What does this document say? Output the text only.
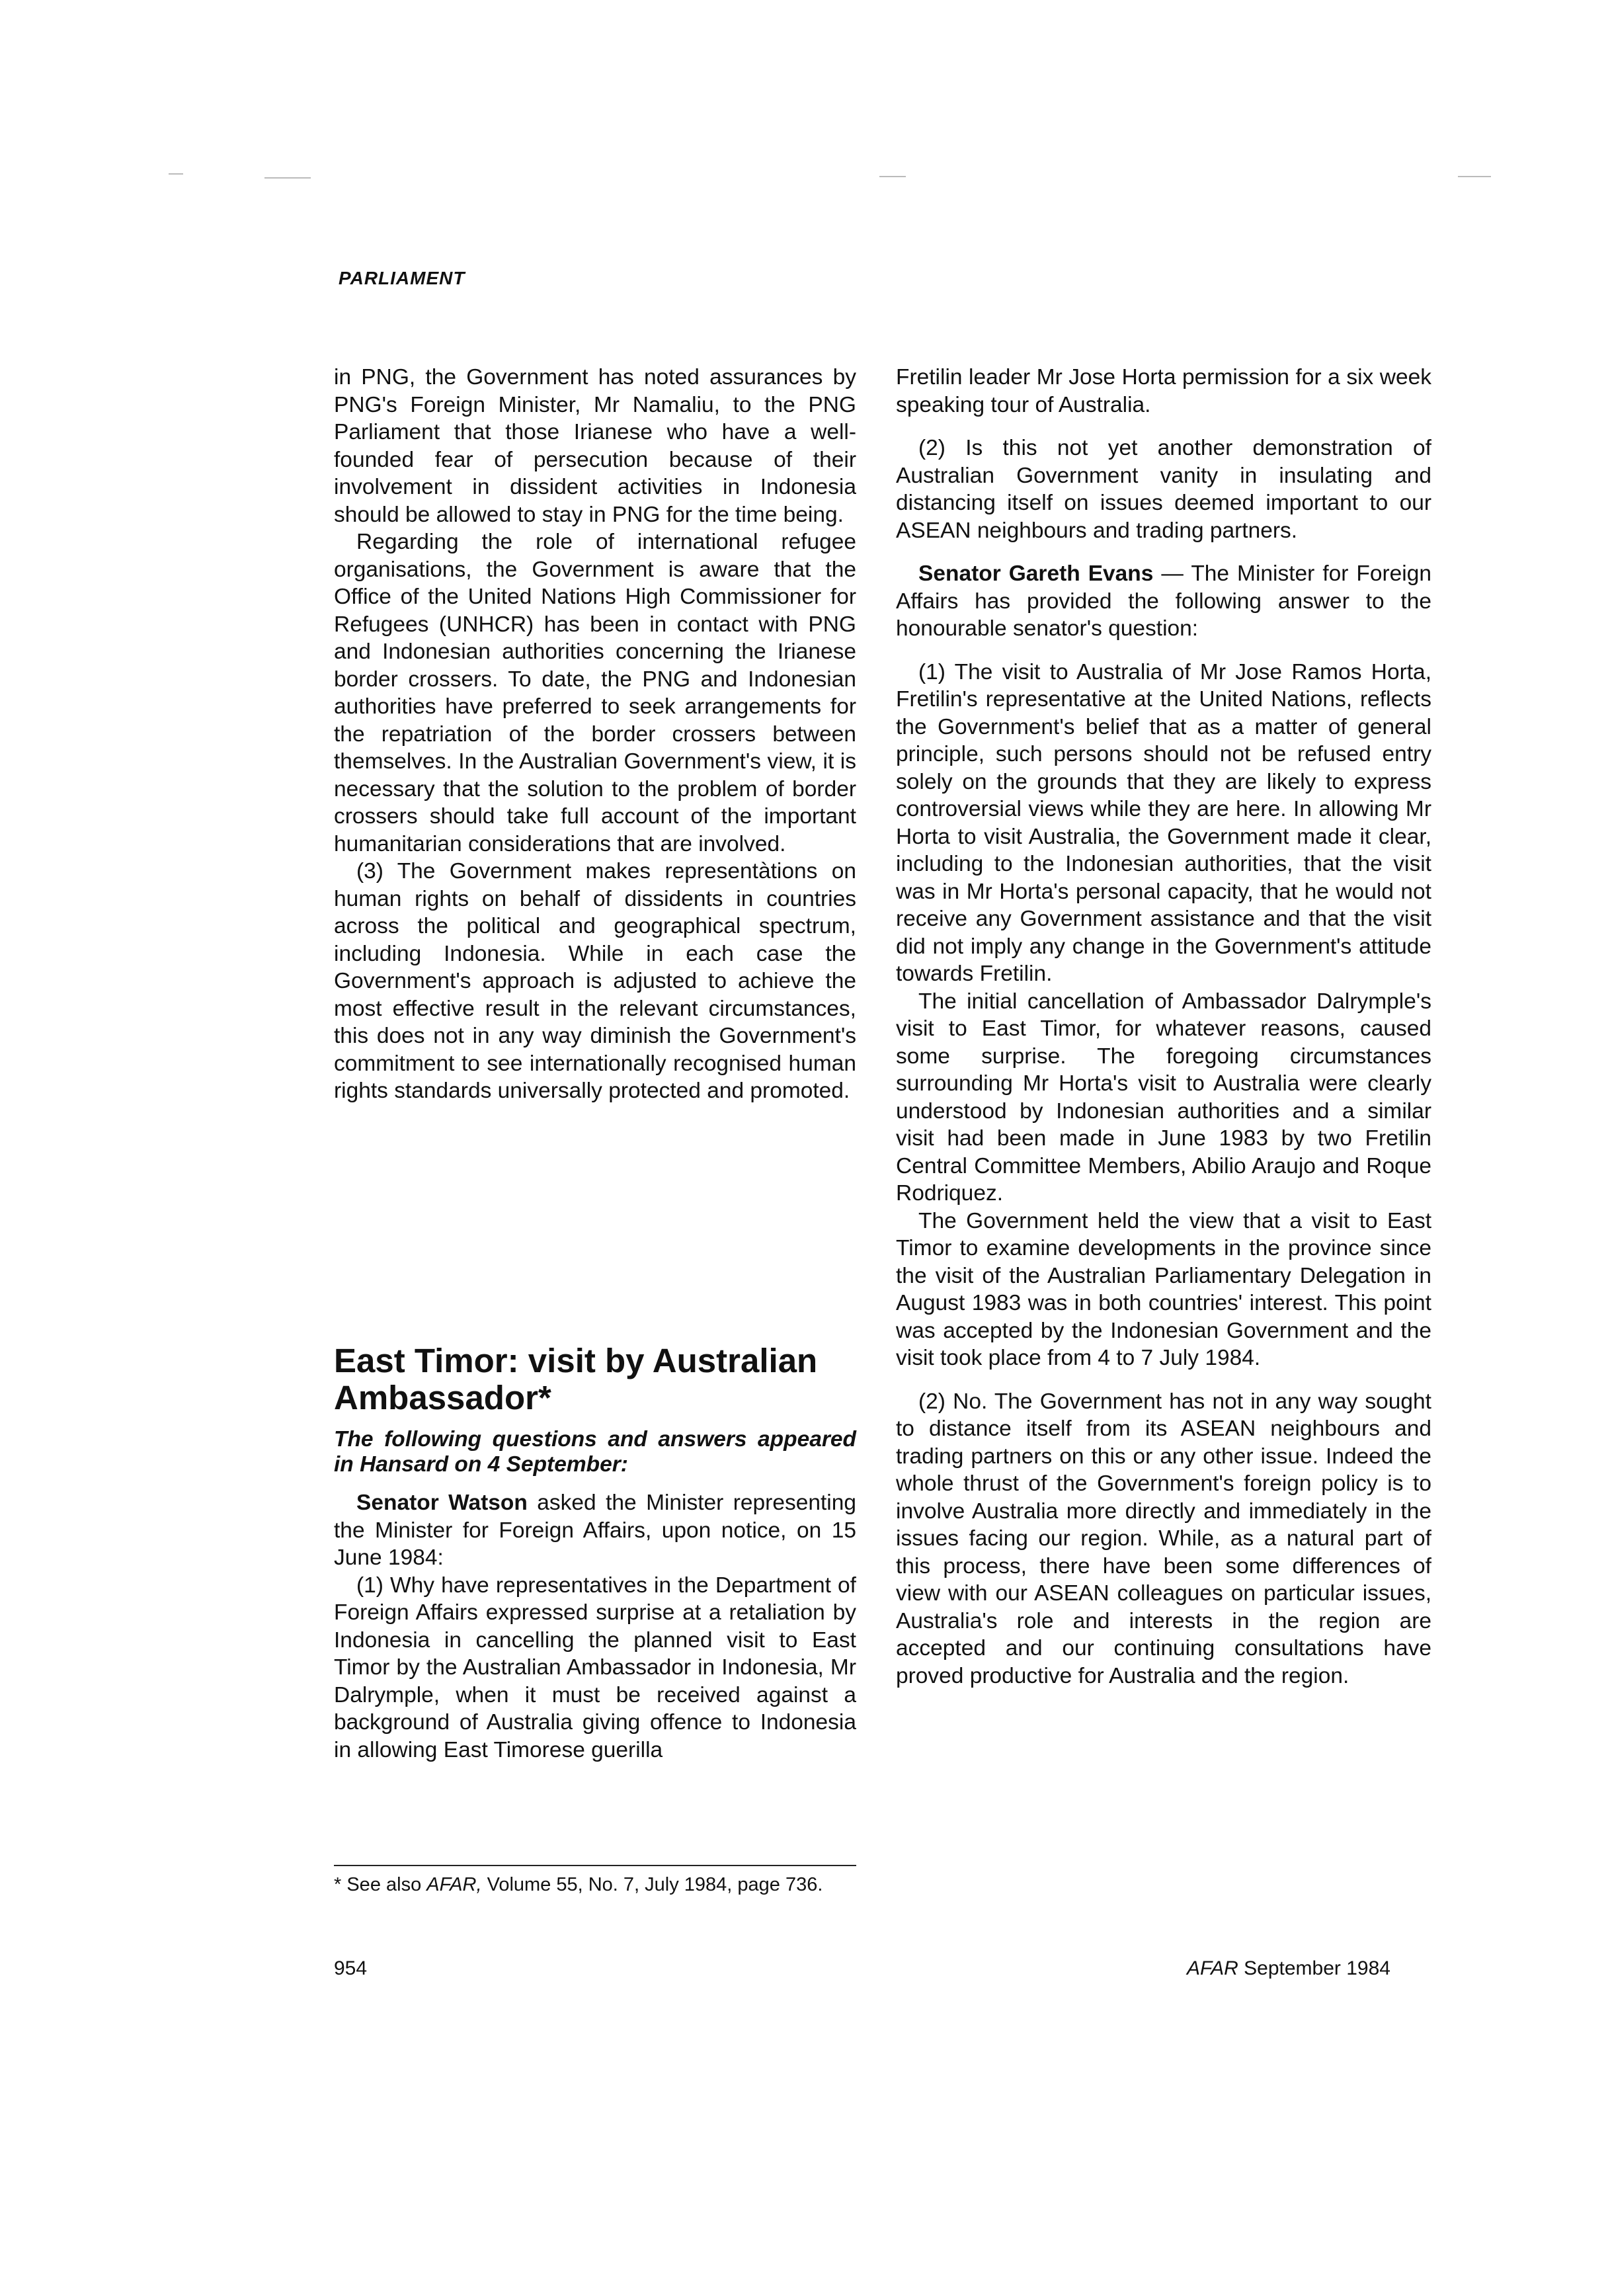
PARLIAMENT

in PNG, the Government has noted assurances by PNG's Foreign Minister, Mr Namaliu, to the PNG Parliament that those Irianese who have a well-founded fear of persecution because of their involvement in dissident activities in Indonesia should be allowed to stay in PNG for the time being.

Regarding the role of international refugee organisations, the Government is aware that the Office of the United Nations High Commissioner for Refugees (UNHCR) has been in contact with PNG and Indonesian authorities concerning the Irianese border crossers. To date, the PNG and Indonesian authorities have preferred to seek arrangements for the repatriation of the border crossers between themselves. In the Australian Government's view, it is necessary that the solution to the problem of border crossers should take full account of the important humanitarian considerations that are involved.

(3) The Government makes representàtions on human rights on behalf of dissidents in countries across the political and geographical spectrum, including Indonesia. While in each case the Government's approach is adjusted to achieve the most effective result in the relevant circumstances, this does not in any way diminish the Government's commitment to see internationally recognised human rights standards universally protected and promoted.

East Timor: visit by Australian Ambassador*

The following questions and answers appeared in Hansard on 4 September:

Senator Watson asked the Minister representing the Minister for Foreign Affairs, upon notice, on 15 June 1984:

(1) Why have representatives in the Department of Foreign Affairs expressed surprise at a retaliation by Indonesia in cancelling the planned visit to East Timor by the Australian Ambassador in Indonesia, Mr Dalrymple, when it must be received against a background of Australia giving offence to Indonesia in allowing East Timorese guerilla

* See also AFAR, Volume 55, No. 7, July 1984, page 736.

Fretilin leader Mr Jose Horta permission for a six week speaking tour of Australia.

(2) Is this not yet another demonstration of Australian Government vanity in insulating and distancing itself on issues deemed important to our ASEAN neighbours and trading partners.

Senator Gareth Evans — The Minister for Foreign Affairs has provided the following answer to the honourable senator's question:

(1) The visit to Australia of Mr Jose Ramos Horta, Fretilin's representative at the United Nations, reflects the Government's belief that as a matter of general principle, such persons should not be refused entry solely on the grounds that they are likely to express controversial views while they are here. In allowing Mr Horta to visit Australia, the Government made it clear, including to the Indonesian authorities, that the visit was in Mr Horta's personal capacity, that he would not receive any Government assistance and that the visit did not imply any change in the Government's attitude towards Fretilin.

The initial cancellation of Ambassador Dalrymple's visit to East Timor, for whatever reasons, caused some surprise. The foregoing circumstances surrounding Mr Horta's visit to Australia were clearly understood by Indonesian authorities and a similar visit had been made in June 1983 by two Fretilin Central Committee Members, Abilio Araujo and Roque Rodriquez.

The Government held the view that a visit to East Timor to examine developments in the province since the visit of the Australian Parliamentary Delegation in August 1983 was in both countries' interest. This point was accepted by the Indonesian Government and the visit took place from 4 to 7 July 1984.

(2) No. The Government has not in any way sought to distance itself from its ASEAN neighbours and trading partners on this or any other issue. Indeed the whole thrust of the Government's foreign policy is to involve Australia more directly and immediately in the issues facing our region. While, as a natural part of this process, there have been some differences of view with our ASEAN colleagues on particular issues, Australia's role and interests in the region are accepted and our continuing consultations have proved productive for Australia and the region.

954	AFAR September 1984
